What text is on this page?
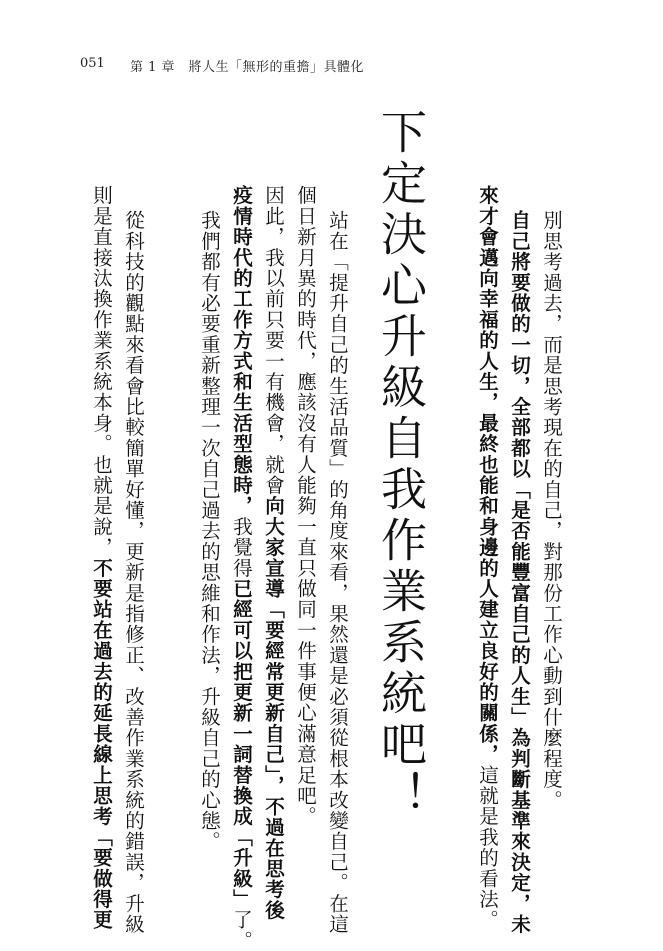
051 第 1 章　將人生「無形的重擔」具體化
別思考過去，而是思考現在的自己，對那份工作心動到什麼程度。
自己將要做的一切，全部都以「是否能豐富自己的人生」為判斷基準來決定，未
來才會邁向幸福的人生，最終也能和身邊的人建立良好的關係，這就是我的看法。
下定決心升級自我作業系統吧！
站在「提升自己的生活品質」的角度來看，果然還是必須從根本改變自己。在這
個日新月異的時代，應該沒有人能夠一直只做同一件事便心滿意足吧。
因此，我以前只要一有機會，就會向大家宣導「要經常更新自己」，不過在思考後
疫情時代的工作方式和生活型態時，我覺得已經可以把更新一詞替換成「升級」了。
我們都有必要重新整理一次自己過去的思維和作法，升級自己的心態。
從科技的觀點來看會比較簡單好懂，更新是指修正、改善作業系統的錯誤，升級
則是直接汰換作業系統本身。也就是說，不要站在過去的延長線上思考「要做得更
